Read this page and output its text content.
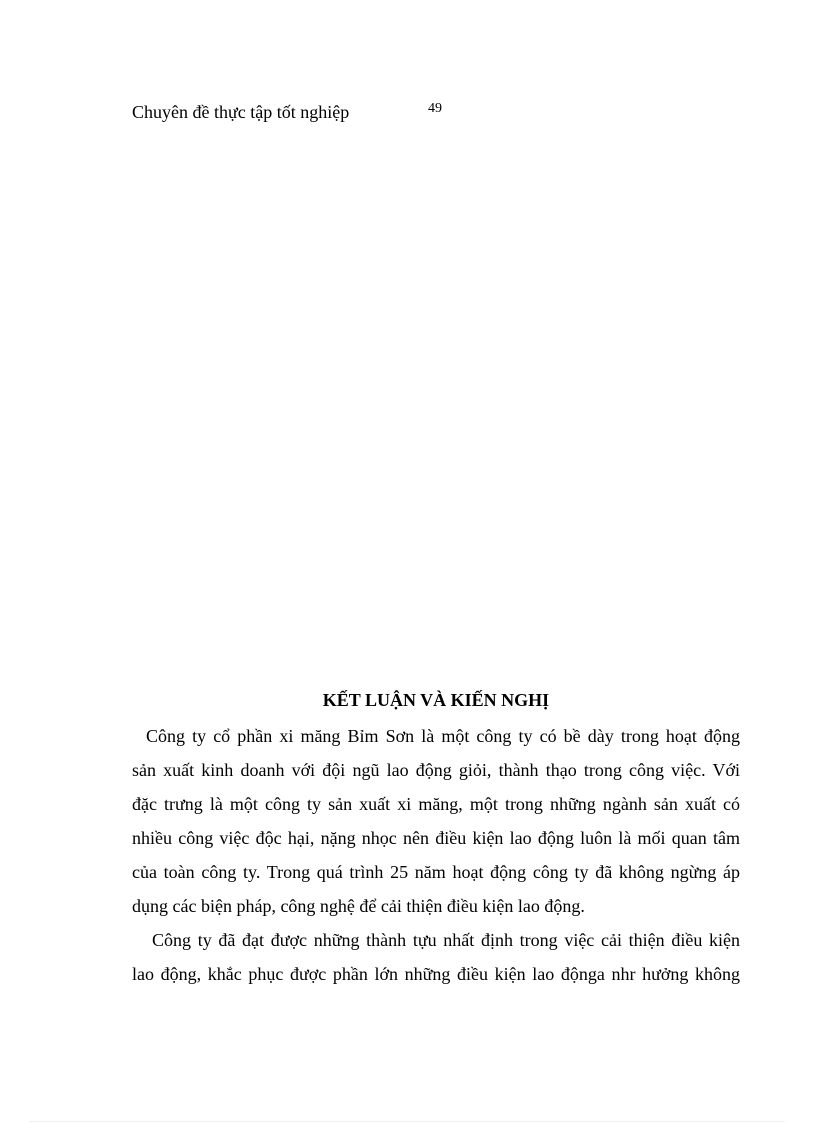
Chuyên đề thực tập tốt nghiệp	49
KẾT LUẬN VÀ KIẾN NGHỊ
Công ty cổ phần xi măng Bỉm Sơn là một công ty có bề dày trong hoạt động
sản xuất kinh doanh với đội ngũ lao động giỏi, thành thạo trong công việc. Với
đặc trưng là một công ty sản xuất xi măng, một trong những ngành sản xuất có
nhiều công việc độc hại, nặng nhọc nên điều kiện lao động luôn là mối quan tâm
của toàn công ty. Trong quá trình 25 năm hoạt động công ty đã không ngừng áp
dụng các biện pháp, công nghệ để cải thiện điều kiện lao động.
Công ty đã đạt được những thành tựu nhất định trong việc cải thiện điều kiện
lao động, khắc phục được phần lớn những điều kiện lao độnga nhr hưởng không
